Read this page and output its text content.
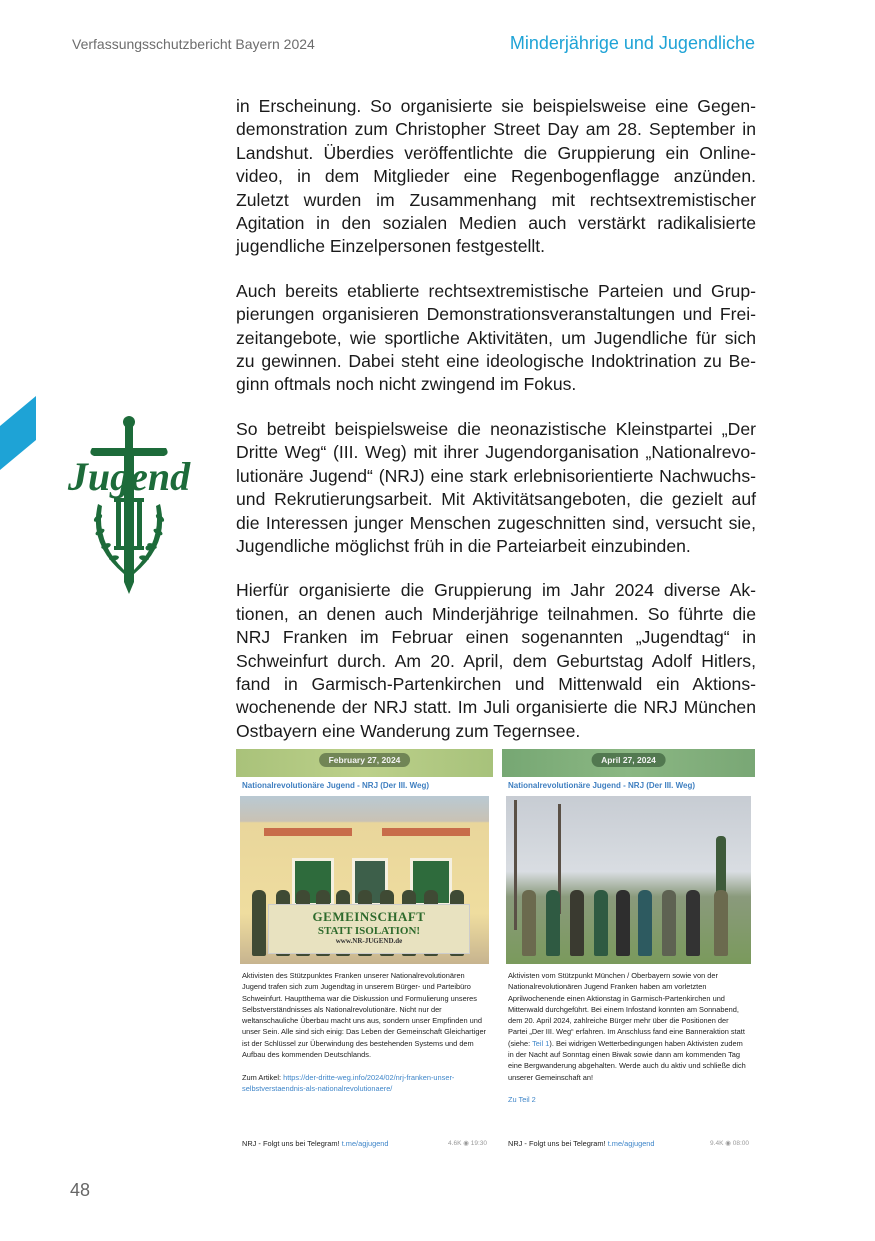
Verfassungsschutzbericht Bayern 2024	Minderjährige und Jugendliche
Jugend

in Erscheinung. So organisierte sie beispielsweise eine Gegendemonstration zum Christopher Street Day am 28. September in Landshut. Überdies veröffentlichte die Gruppierung ein Onlinevideo, in dem Mitglieder eine Regenbogenflagge anzünden. Zuletzt wurden im Zusammenhang mit rechtsextremistischer Agitation in den sozialen Medien auch verstärkt radikalisierte jugendliche Einzelpersonen festgestellt.

Auch bereits etablierte rechtsextremistische Parteien und Gruppierungen organisieren Demonstrationsveranstaltungen und Freizeitangebote, wie sportliche Aktivitäten, um Jugendliche für sich zu gewinnen. Dabei steht eine ideologische Indoktrination zu Beginn oftmals noch nicht zwingend im Fokus.

So betreibt beispielsweise die neonazistische Kleinstpartei „Der Dritte Weg“ (III. Weg) mit ihrer Jugendorganisation „Nationalrevolutionäre Jugend“ (NRJ) eine stark erlebnisorientierte Nachwuchs- und Rekrutierungsarbeit. Mit Aktivitätsangeboten, die gezielt auf die Interessen junger Menschen zugeschnitten sind, versucht sie, Jugendliche möglichst früh in die Parteiarbeit einzubinden.

Hierfür organisierte die Gruppierung im Jahr 2024 diverse Aktionen, an denen auch Minderjährige teilnahmen. So führte die NRJ Franken im Februar einen sogenannten „Jugendtag“ in Schweinfurt durch. Am 20. April, dem Geburtstag Adolf Hitlers, fand in Garmisch-Partenkirchen und Mittenwald ein Aktionswochenende der NRJ statt. Im Juli organisierte die NRJ München Ostbayern eine Wanderung zum Tegernsee.

February 27, 2024
Nationalrevolutionäre Jugend - NRJ (Der III. Weg)
GEMEINSCHAFT
STATT ISOLATION!
www.NR-JUGEND.de
Aktivisten des Stützpunktes Franken unserer Nationalrevolutionären Jugend trafen sich zum Jugendtag in unserem Bürger- und Parteibüro Schweinfurt. Hauptthema war die Diskussion und Formulierung unseres Selbstverständnisses als Nationalrevolutionäre. Nicht nur der weltanschauliche Überbau macht uns aus, sondern unser Empfinden und unser Sein. Alle sind sich einig: Das Leben der Gemeinschaft Gleichartiger ist der Schlüssel zur Überwindung des bestehenden Systems und dem Aufbau des kommenden Deutschlands.

Zum Artikel: https://der-dritte-weg.info/2024/02/nrj-franken-unser-selbstverstaendnis-als-nationalrevolutionaere/
NRJ - Folgt uns bei Telegram! t.me/agjugend	4.6K ◉ 19:30
April 27, 2024
Nationalrevolutionäre Jugend - NRJ (Der III. Weg)
Aktivisten vom Stützpunkt München / Oberbayern sowie von der Nationalrevolutionären Jugend Franken haben am vorletzten Aprilwochenende einen Aktionstag in Garmisch-Partenkirchen und Mittenwald durchgeführt. Bei einem Infostand konnten am Sonnabend, dem 20. April 2024, zahlreiche Bürger mehr über die Positionen der Partei „Der III. Weg“ erfahren. Im Anschluss fand eine Banneraktion statt (siehe: Teil 1). Bei widrigen Wetterbedingungen haben Aktivisten zudem in der Nacht auf Sonntag einen Biwak sowie dann am kommenden Tag eine Bergwanderung abgehalten. Werde auch du aktiv und schließe dich unserer Gemeinschaft an!

Zu Teil 2
NRJ - Folgt uns bei Telegram! t.me/agjugend	9.4K ◉ 08:00
48
